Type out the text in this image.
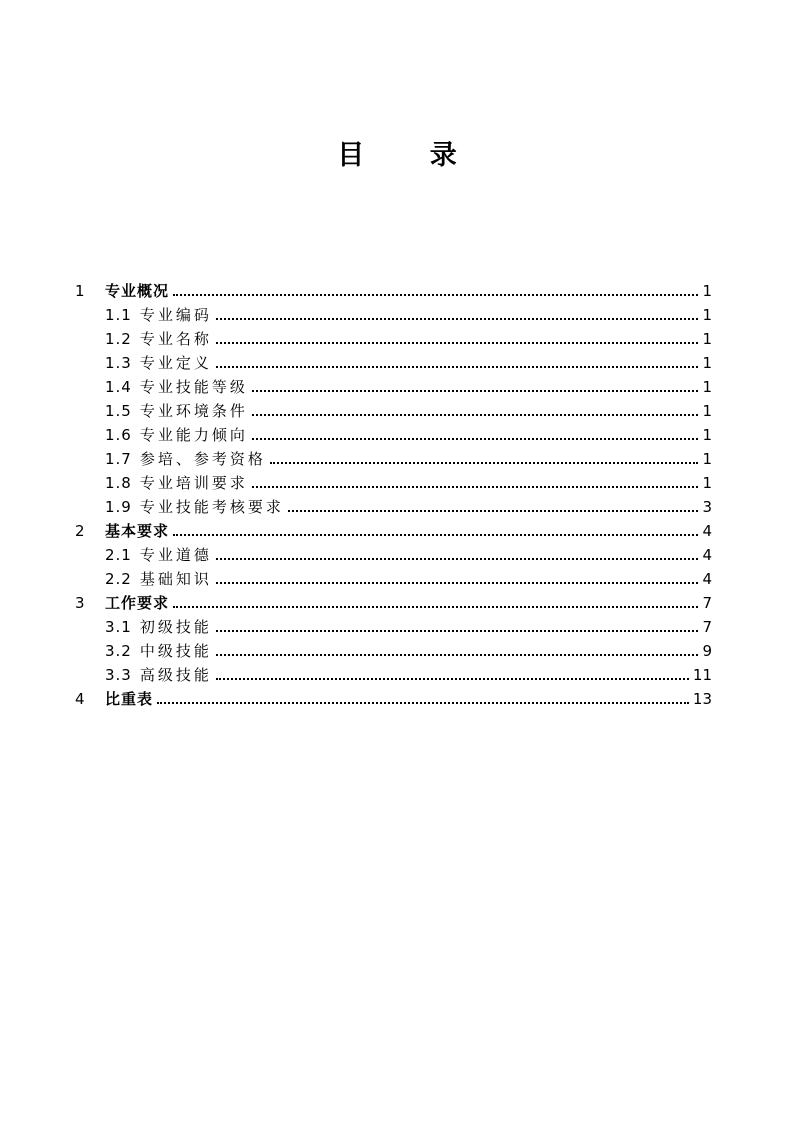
目 录
1	专业概况	1
1.1 专业编码	1
1.2 专业名称	1
1.3 专业定义	1
1.4 专业技能等级	1
1.5 专业环境条件	1
1.6 专业能力倾向	1
1.7 参培、参考资格	1
1.8 专业培训要求	1
1.9 专业技能考核要求	3
2	基本要求	4
2.1 专业道德	4
2.2 基础知识	4
3	工作要求	7
3.1 初级技能	7
3.2 中级技能	9
3.3 高级技能	11
4	比重表	13
